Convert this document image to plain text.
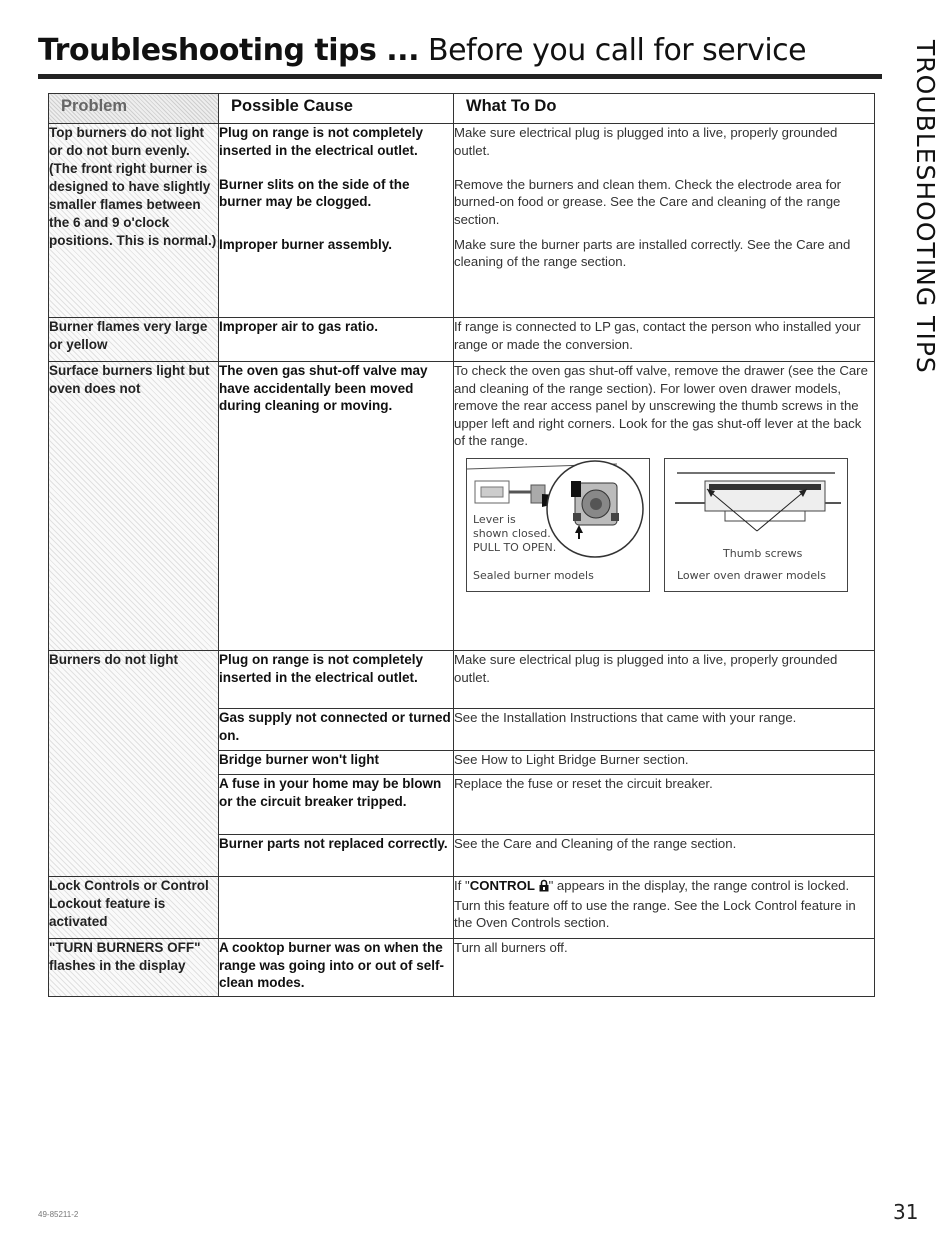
Troubleshooting tips ... Before you call for service	TROUBLESHOOTING TIPS
Problem	Possible Cause	What To Do
Top burners do not light or do not burn evenly. (The front right burner is designed to have slightly smaller flames between the 6 and 9 o'clock positions. This is normal.)	Plug on range is not completely inserted in the electrical outlet.	Make sure electrical plug is plugged into a live, properly grounded outlet.
	Burner slits on the side of the burner may be clogged.	Remove the burners and clean them. Check the electrode area for burned-on food or grease. See the Care and cleaning of the range section.
	Improper burner assembly.	Make sure the burner parts are installed correctly. See the Care and cleaning of the range section.
Burner flames very large or yellow	Improper air to gas ratio.	If range is connected to LP gas, contact the person who installed your range or made the conversion.
Surface burners light but oven does not	The oven gas shut-off valve may have accidentally been moved during cleaning or moving.	To check the oven gas shut-off valve, remove the drawer (see the Care and cleaning of the range section). For lower oven drawer models, remove the rear access panel by unscrewing the thumb screws in the upper left and right corners. Look for the gas shut-off lever at the back of the range.

Burners do not light	Plug on range is not completely inserted in the electrical outlet.	Make sure electrical plug is plugged into a live, properly grounded outlet.
	Gas supply not connected or turned on.	See the Installation Instructions that came with your range.
	Bridge burner won't light	See How to Light Bridge Burner section.
	A fuse in your home may be blown or the circuit breaker tripped.	Replace the fuse or reset the circuit breaker.
	Burner parts not replaced correctly.	See the Care and Cleaning of the range section.
Lock Controls or Control Lockout feature is activated		If "CONTROL " appears in the display, the range control is locked. Turn this feature off to use the range. See the Lock Control feature in the Oven Controls section.
"TURN BURNERS OFF" flashes in the display	A cooktop burner was on when the range was going into or out of self-clean modes.	Turn all burners off.
Lever is
shown closed.
PULL TO OPEN.
Sealed burner models
Thumb screws
Lower oven drawer models
49-85211-2	31
